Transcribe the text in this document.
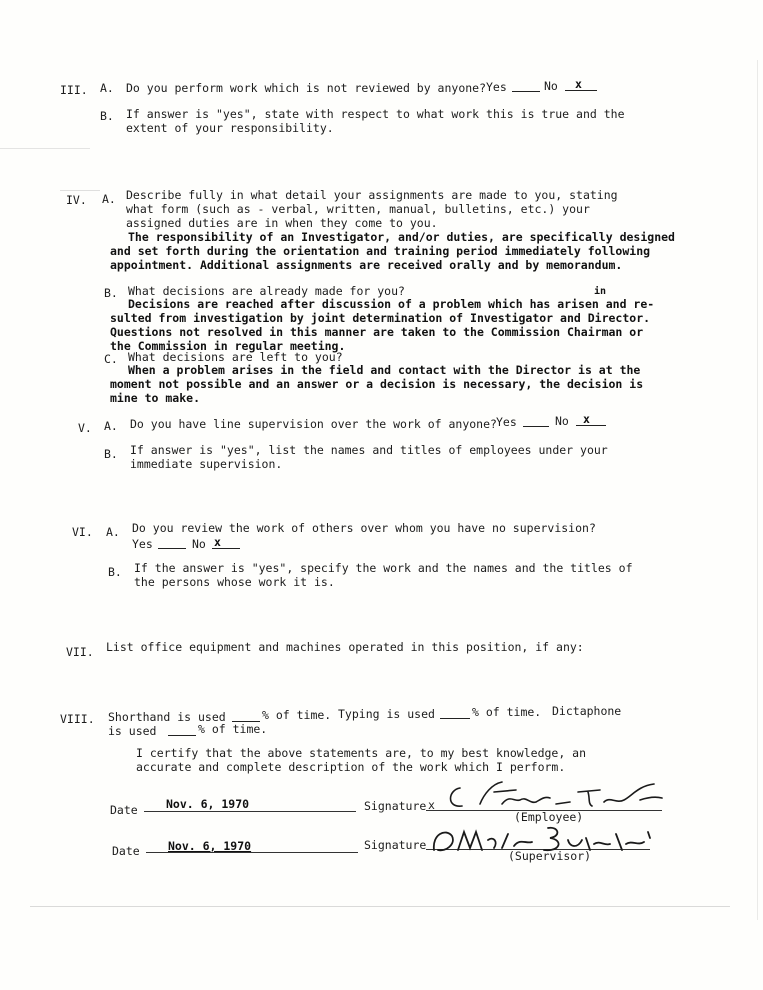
III. A. Do you perform work which is not reviewed by anyone? Yes	No x
B. If answer is "yes", state with respect to what work this is true and the
extent of your responsibility.
IV. A. Describe fully in what detail your assignments are made to you, stating
what form (such as - verbal, written, manual, bulletins, etc.) your
assigned duties are in when they come to you.
The responsibility of an Investigator, and/or duties, are specifically designed
and set forth during the orientation and training period immediately following
appointment. Additional assignments are received orally and by memorandum.
B. What decisions are already made for you?	in
Decisions are reached after discussion of a problem which has arisen and re-
sulted from investigation by joint determination of Investigator and Director.
Questions not resolved in this manner are taken to the Commission Chairman or
the Commission in regular meeting.
C. What decisions are left to you?
When a problem arises in the field and contact with the Director is at the
moment not possible and an answer or a decision is necessary, the decision is
mine to make.
V. A. Do you have line supervision over the work of anyone? Yes	No x
B. If answer is "yes", list the names and titles of employees under your
immediate supervision.
VI. A. Do you review the work of others over whom you have no supervision?
Yes	No x
B. If the answer is "yes", specify the work and the names and the titles of
the persons whose work it is.
VII. List office equipment and machines operated in this position, if any:
VIII. Shorthand is used	% of time. Typing is used	% of time. Dictaphone
is used	% of time.
I certify that the above statements are, to my best knowledge, an
accurate and complete description of the work which I perform.
Date Nov. 6, 1970	Signature x
(Employee)
Date Nov. 6, 1970	Signature
(Supervisor)
